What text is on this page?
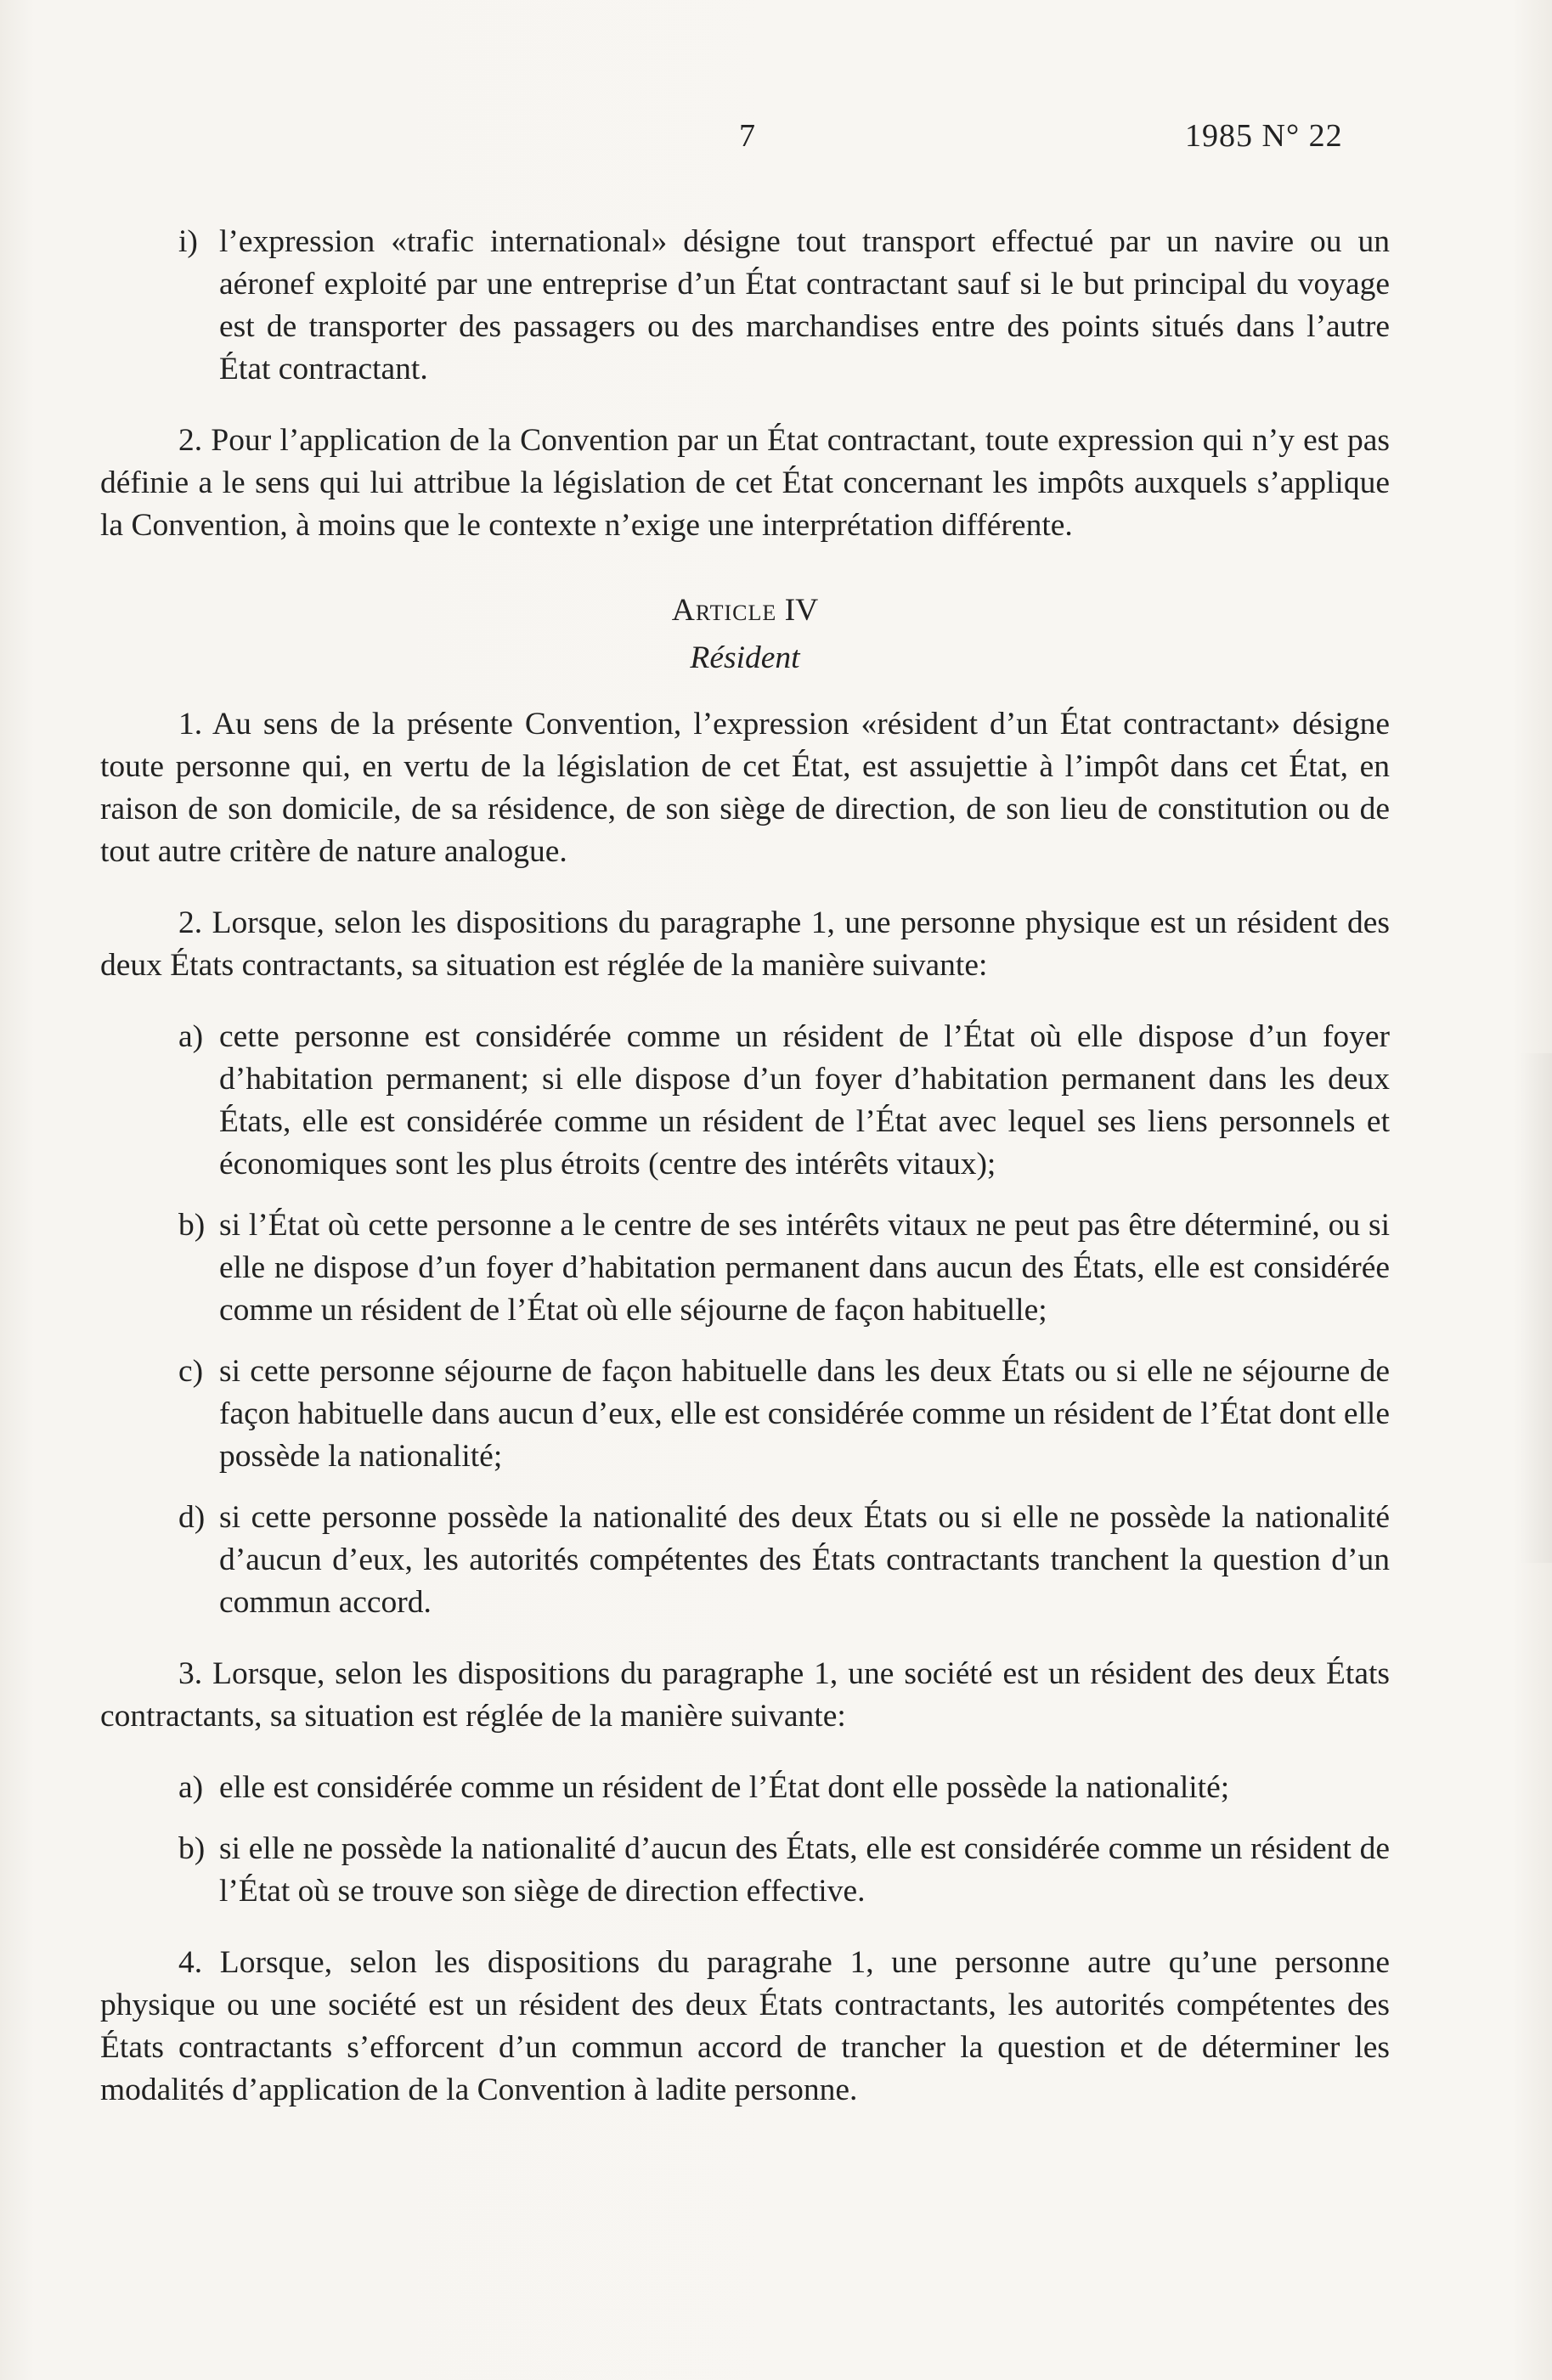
7	1985 N° 22

i) l’expression «trafic international» désigne tout transport effectué par un navire ou un aéronef exploité par une entreprise d’un État contractant sauf si le but principal du voyage est de transporter des passagers ou des marchandises entre des points situés dans l’autre État contractant.

2. Pour l’application de la Convention par un État contractant, toute expression qui n’y est pas définie a le sens qui lui attribue la législation de cet État concernant les impôts auxquels s’applique la Convention, à moins que le contexte n’exige une interprétation différente.

Article IV

Résident

1. Au sens de la présente Convention, l’expression «résident d’un État contractant» désigne toute personne qui, en vertu de la législation de cet État, est assujettie à l’impôt dans cet État, en raison de son domicile, de sa résidence, de son siège de direction, de son lieu de constitution ou de tout autre critère de nature analogue.

2. Lorsque, selon les dispositions du paragraphe 1, une personne physique est un résident des deux États contractants, sa situation est réglée de la manière suivante:

a) cette personne est considérée comme un résident de l’État où elle dispose d’un foyer d’habitation permanent; si elle dispose d’un foyer d’habitation permanent dans les deux États, elle est considérée comme un résident de l’État avec lequel ses liens personnels et économiques sont les plus étroits (centre des intérêts vitaux);

b) si l’État où cette personne a le centre de ses intérêts vitaux ne peut pas être déterminé, ou si elle ne dispose d’un foyer d’habitation permanent dans aucun des États, elle est considérée comme un résident de l’État où elle séjourne de façon habituelle;

c) si cette personne séjourne de façon habituelle dans les deux États ou si elle ne séjourne de façon habituelle dans aucun d’eux, elle est considérée comme un résident de l’État dont elle possède la nationalité;

d) si cette personne possède la nationalité des deux États ou si elle ne possède la nationalité d’aucun d’eux, les autorités compétentes des États contractants tranchent la question d’un commun accord.

3. Lorsque, selon les dispositions du paragraphe 1, une société est un résident des deux États contractants, sa situation est réglée de la manière suivante:

a) elle est considérée comme un résident de l’État dont elle possède la nationalité;

b) si elle ne possède la nationalité d’aucun des États, elle est considérée comme un résident de l’État où se trouve son siège de direction effective.

4. Lorsque, selon les dispositions du paragrahe 1, une personne autre qu’une personne physique ou une société est un résident des deux États contractants, les autorités compétentes des États contractants s’efforcent d’un commun accord de trancher la question et de déterminer les modalités d’application de la Convention à ladite personne.
